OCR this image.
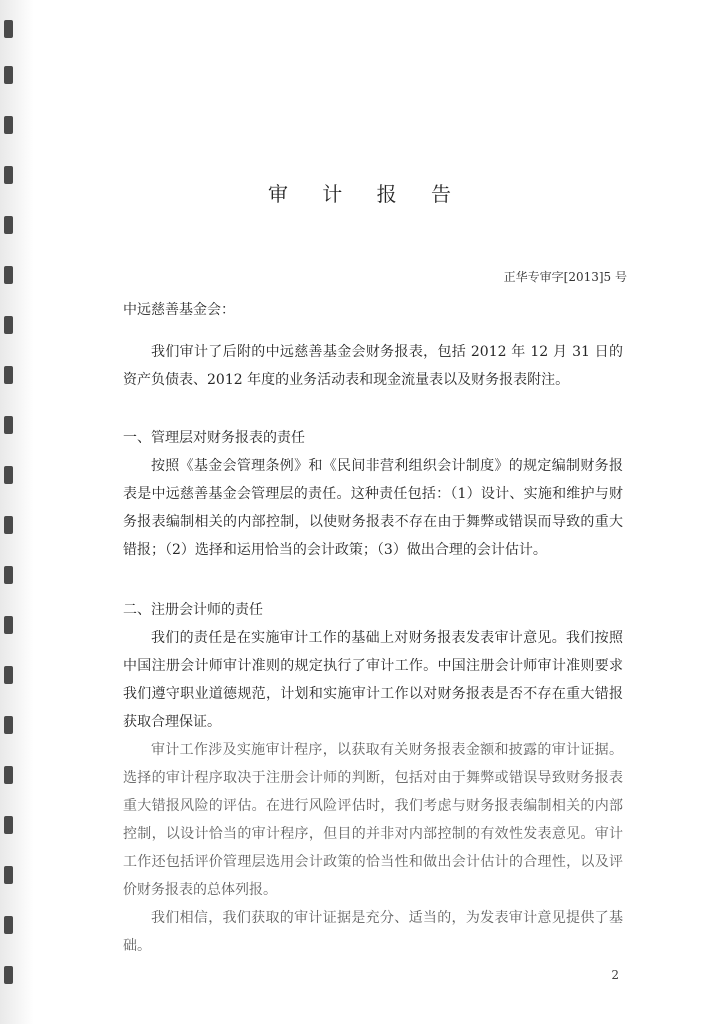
审 计 报 告
正华专审字[2013]5 号
中远慈善基金会：

我们审计了后附的中远慈善基金会财务报表，包括 2012 年 12 月 31 日的资产负债表、2012 年度的业务活动表和现金流量表以及财务报表附注。

一、管理层对财务报表的责任

按照《基金会管理条例》和《民间非营利组织会计制度》的规定编制财务报表是中远慈善基金会管理层的责任。这种责任包括：（1）设计、实施和维护与财务报表编制相关的内部控制，以使财务报表不存在由于舞弊或错误而导致的重大错报；（2）选择和运用恰当的会计政策；（3）做出合理的会计估计。

二、注册会计师的责任

我们的责任是在实施审计工作的基础上对财务报表发表审计意见。我们按照中国注册会计师审计准则的规定执行了审计工作。中国注册会计师审计准则要求我们遵守职业道德规范，计划和实施审计工作以对财务报表是否不存在重大错报获取合理保证。

审计工作涉及实施审计程序，以获取有关财务报表金额和披露的审计证据。选择的审计程序取决于注册会计师的判断，包括对由于舞弊或错误导致财务报表重大错报风险的评估。在进行风险评估时，我们考虑与财务报表编制相关的内部控制，以设计恰当的审计程序，但目的并非对内部控制的有效性发表意见。审计工作还包括评价管理层选用会计政策的恰当性和做出会计估计的合理性，以及评价财务报表的总体列报。

我们相信，我们获取的审计证据是充分、适当的，为发表审计意见提供了基础。

2
